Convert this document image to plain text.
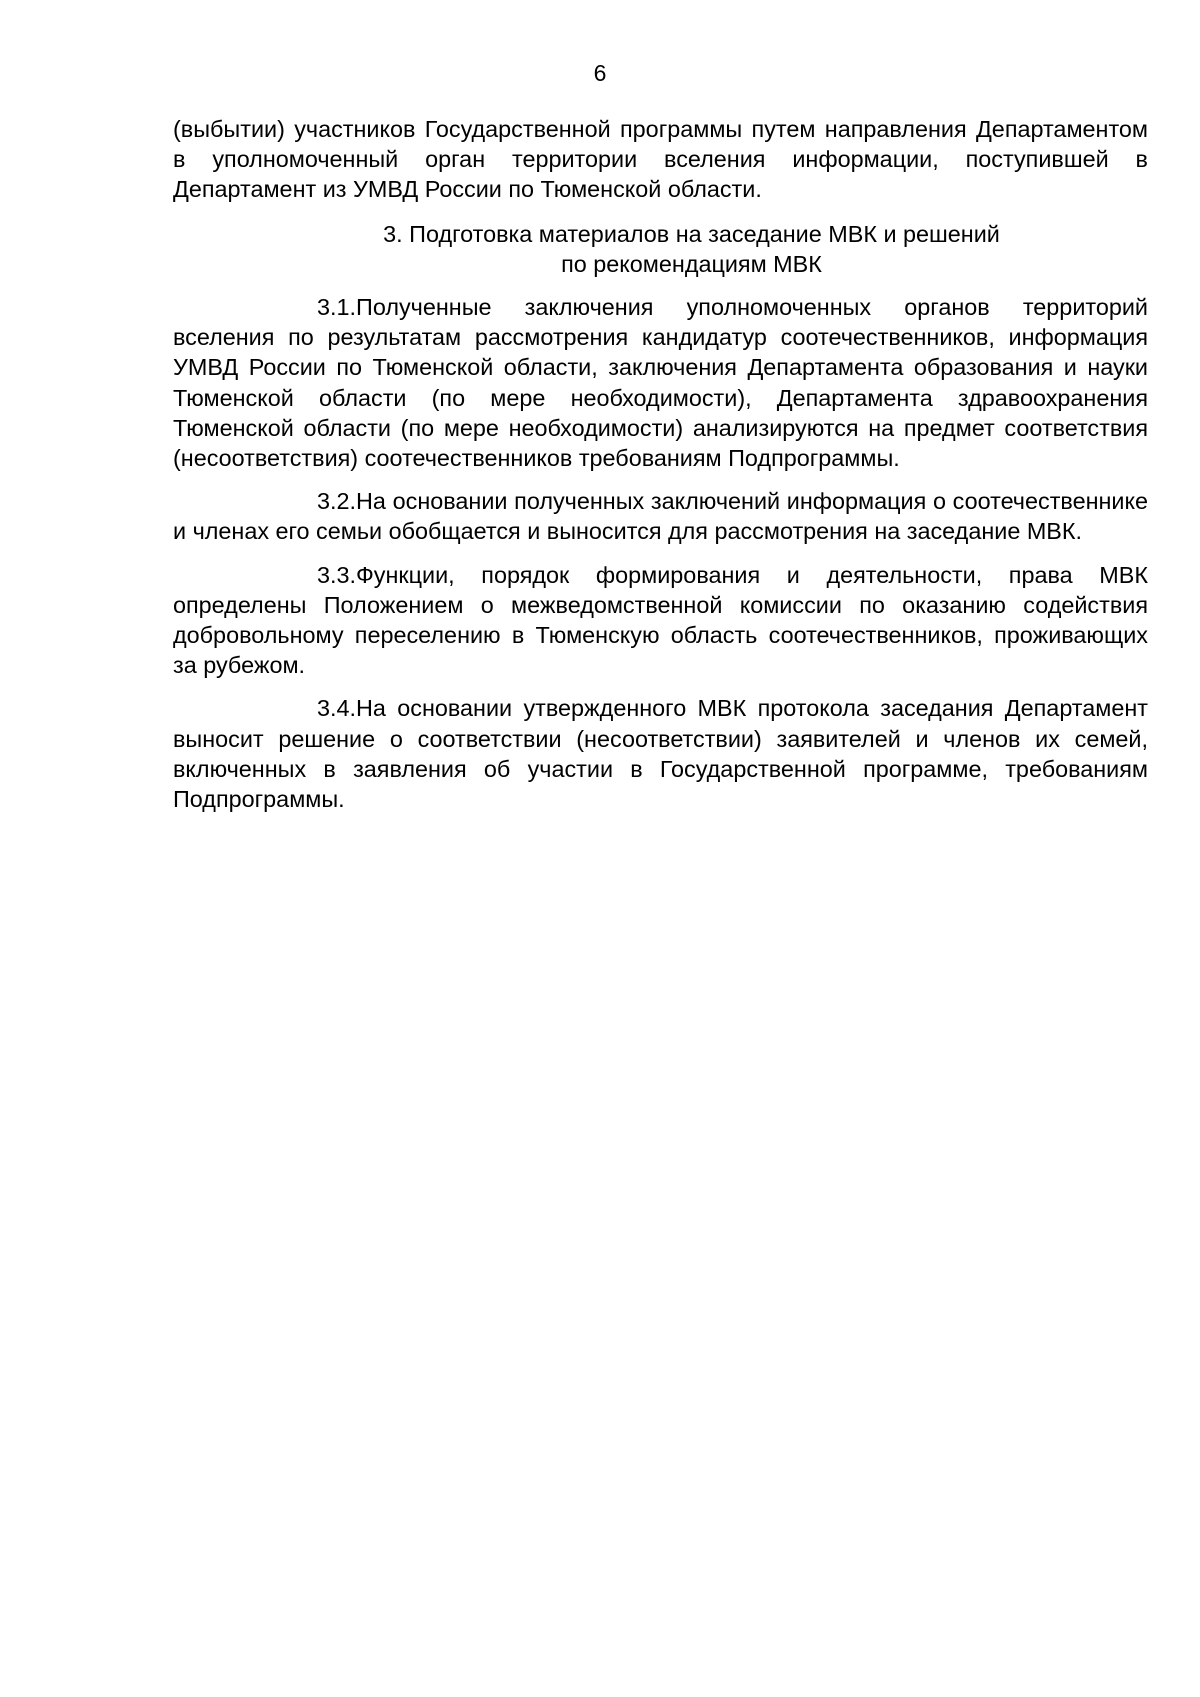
6

(выбытии) участников Государственной программы путем направления Департаментом в уполномоченный орган территории вселения информации, поступившей в Департамент из УМВД России по Тюменской области.

3. Подготовка материалов на заседание МВК и решений
по рекомендациям МВК

3.1.Полученные заключения уполномоченных органов территорий вселения по результатам рассмотрения кандидатур соотечественников, информация УМВД России по Тюменской области, заключения Департамента образования и науки Тюменской области (по мере необходимости), Департамента здравоохранения Тюменской области (по мере необходимости) анализируются на предмет соответствия (несоответствия) соотечественников требованиям Подпрограммы.

3.2.На основании полученных заключений информация о соотечественнике и членах его семьи обобщается и выносится для рассмотрения на заседание МВК.

3.3.Функции, порядок формирования и деятельности, права МВК определены Положением о межведомственной комиссии по оказанию содействия добровольному переселению в Тюменскую область соотечественников, проживающих за рубежом.

3.4.На основании утвержденного МВК протокола заседания Департамент выносит решение о соответствии (несоответствии) заявителей и членов их семей, включенных в заявления об участии в Государственной программе, требованиям Подпрограммы.
